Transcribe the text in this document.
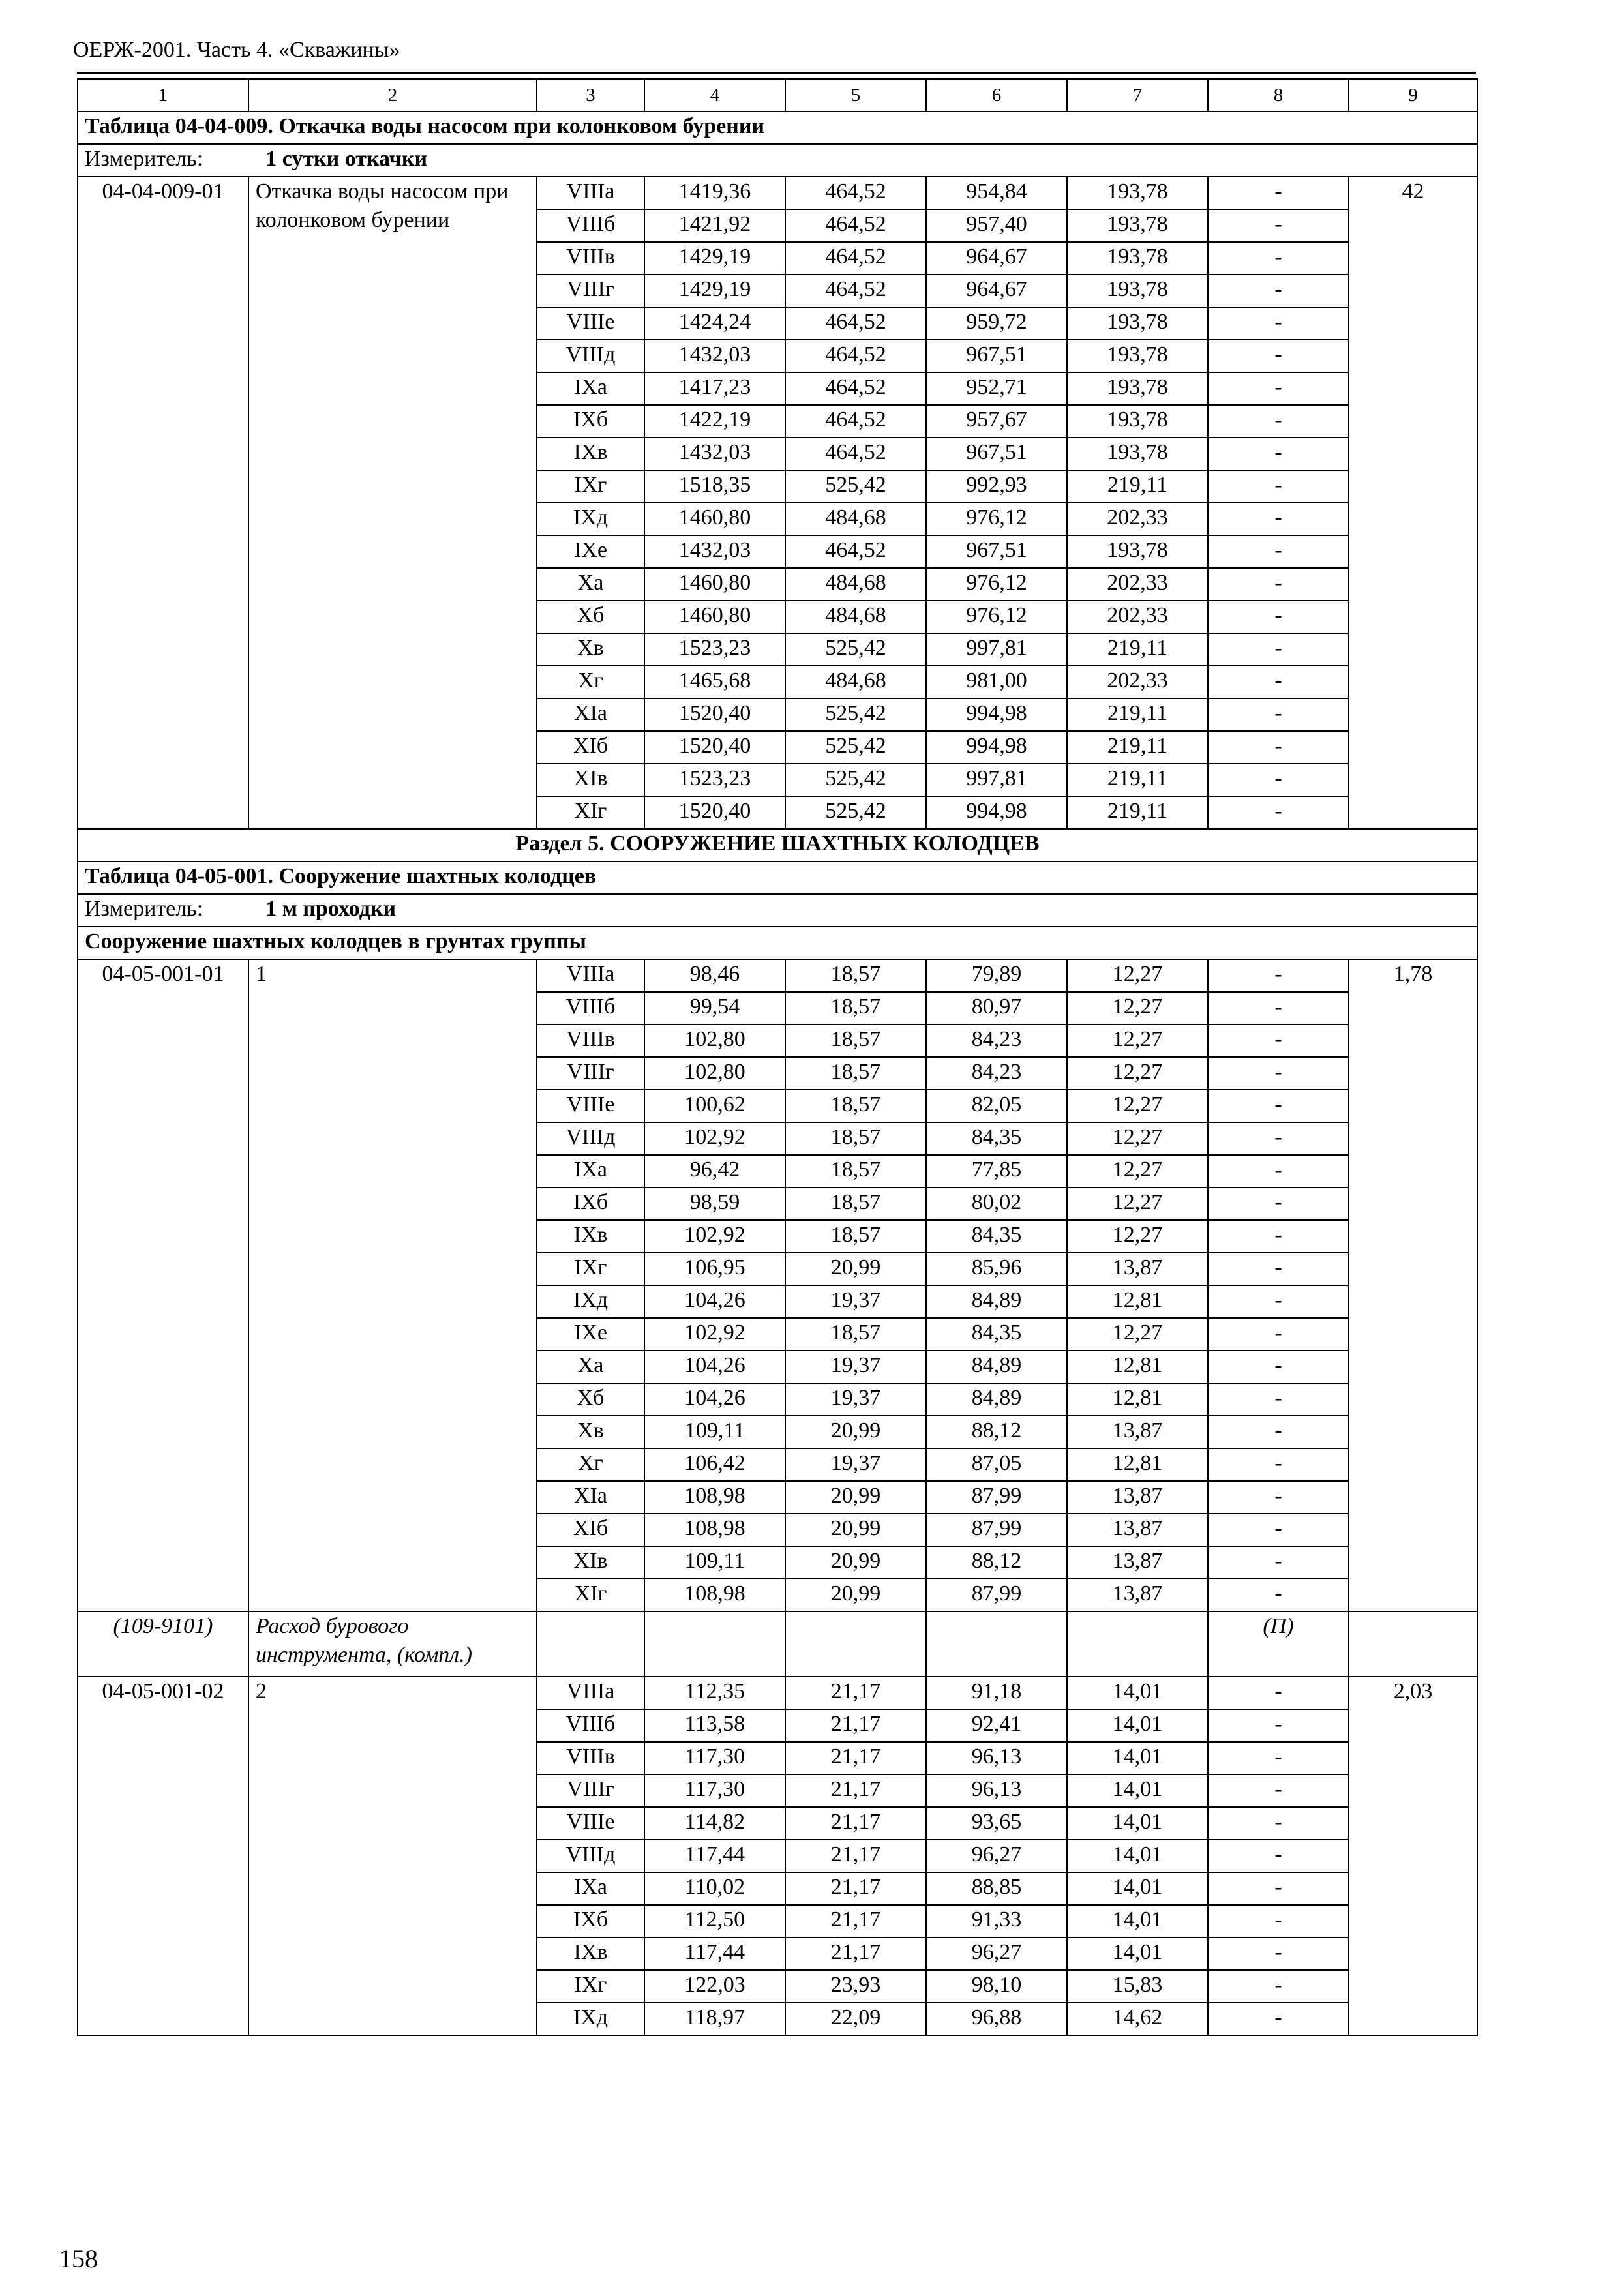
ОЕРЖ-2001. Часть 4. «Скважины»
1	2	3	4	5	6	7	8	9
Таблица 04-04-009. Откачка воды насосом при колонковом бурении								
Измеритель: 1 сутки откачки								
04-04-009-01	Откачка воды насосом при колонковом бурении	VIIIa	1419,36	464,52	954,84	193,78	-	42
		VIIIб	1421,92	464,52	957,40	193,78	-	
		VIIIв	1429,19	464,52	964,67	193,78	-	
		VIIIг	1429,19	464,52	964,67	193,78	-	
		VIIIe	1424,24	464,52	959,72	193,78	-	
		VIIIд	1432,03	464,52	967,51	193,78	-	
		IXa	1417,23	464,52	952,71	193,78	-	
		IXб	1422,19	464,52	957,67	193,78	-	
		IXв	1432,03	464,52	967,51	193,78	-	
		IXг	1518,35	525,42	992,93	219,11	-	
		IXд	1460,80	484,68	976,12	202,33	-	
		IXe	1432,03	464,52	967,51	193,78	-	
		Xa	1460,80	484,68	976,12	202,33	-	
		Xб	1460,80	484,68	976,12	202,33	-	
		Xв	1523,23	525,42	997,81	219,11	-	
		Xг	1465,68	484,68	981,00	202,33	-	
		XIa	1520,40	525,42	994,98	219,11	-	
		XIб	1520,40	525,42	994,98	219,11	-	
		XIв	1523,23	525,42	997,81	219,11	-	
		XIг	1520,40	525,42	994,98	219,11	-	
Раздел 5. СООРУЖЕНИЕ ШАХТНЫХ КОЛОДЦЕВ								
Таблица 04-05-001. Сооружение шахтных колодцев								
Измеритель: 1 м проходки								
Сооружение шахтных колодцев в грунтах группы								
04-05-001-01	1	VIIIa	98,46	18,57	79,89	12,27	-	1,78
		VIIIб	99,54	18,57	80,97	12,27	-	
		VIIIв	102,80	18,57	84,23	12,27	-	
		VIIIг	102,80	18,57	84,23	12,27	-	
		VIIIe	100,62	18,57	82,05	12,27	-	
		VIIIд	102,92	18,57	84,35	12,27	-	
		IXa	96,42	18,57	77,85	12,27	-	
		IXб	98,59	18,57	80,02	12,27	-	
		IXв	102,92	18,57	84,35	12,27	-	
		IXг	106,95	20,99	85,96	13,87	-	
		IXд	104,26	19,37	84,89	12,81	-	
		IXe	102,92	18,57	84,35	12,27	-	
		Xa	104,26	19,37	84,89	12,81	-	
		Xб	104,26	19,37	84,89	12,81	-	
		Xв	109,11	20,99	88,12	13,87	-	
		Xг	106,42	19,37	87,05	12,81	-	
		XIa	108,98	20,99	87,99	13,87	-	
		XIб	108,98	20,99	87,99	13,87	-	
		XIв	109,11	20,99	88,12	13,87	-	
		XIг	108,98	20,99	87,99	13,87	-	
(109-9101)	Расход бурового инструмента, (компл.)						(П)	
04-05-001-02	2	VIIIa	112,35	21,17	91,18	14,01	-	2,03
		VIIIб	113,58	21,17	92,41	14,01	-	
		VIIIв	117,30	21,17	96,13	14,01	-	
		VIIIг	117,30	21,17	96,13	14,01	-	
		VIIIe	114,82	21,17	93,65	14,01	-	
		VIIIд	117,44	21,17	96,27	14,01	-	
		IXa	110,02	21,17	88,85	14,01	-	
		IXб	112,50	21,17	91,33	14,01	-	
		IXв	117,44	21,17	96,27	14,01	-	
		IXг	122,03	23,93	98,10	15,83	-	
		IXд	118,97	22,09	96,88	14,62	-	
158
